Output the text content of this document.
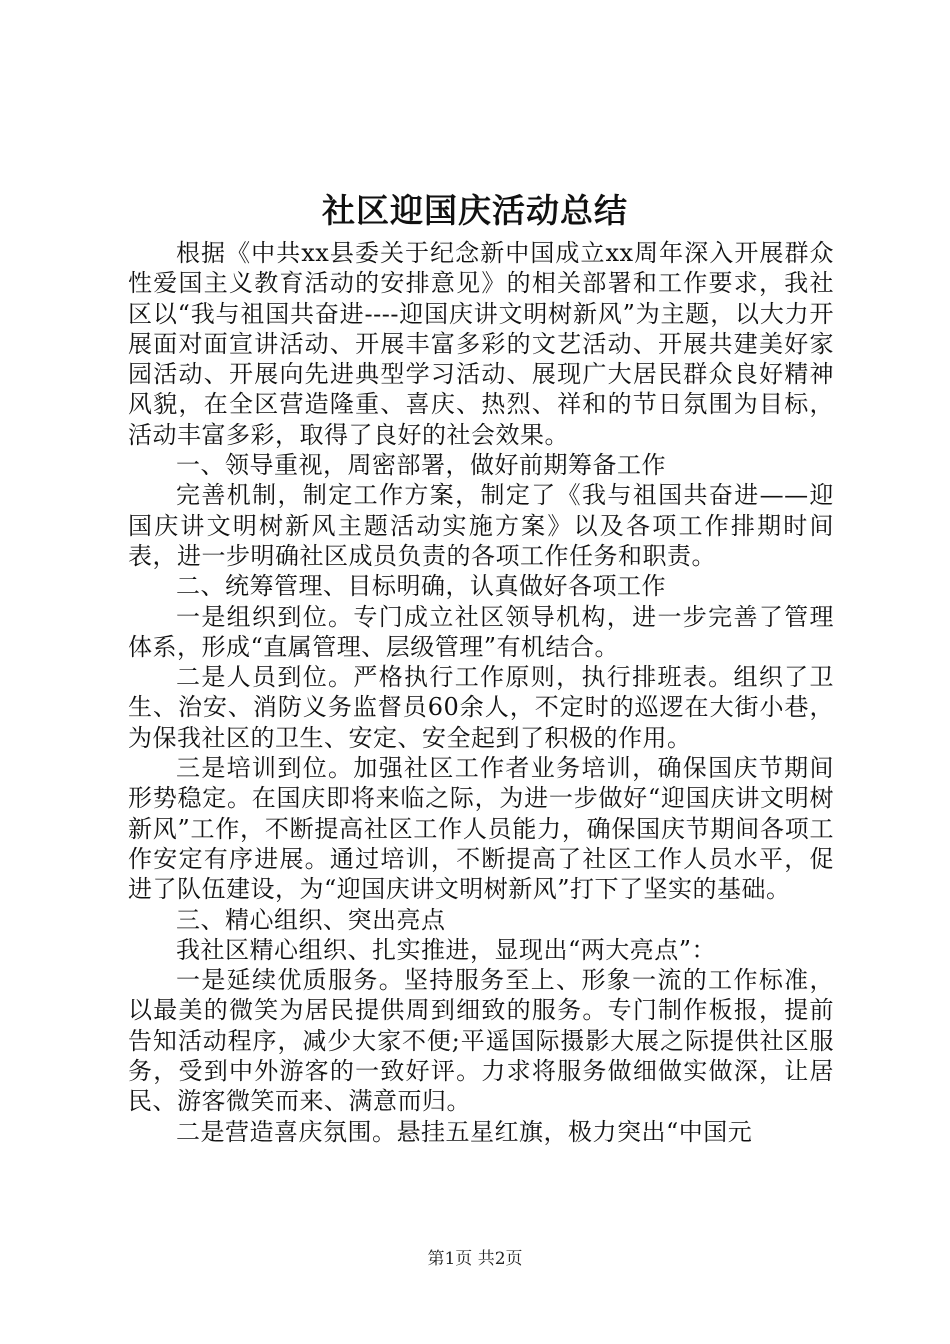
社区迎国庆活动总结

根据《中共xx县委关于纪念新中国成立xx周年深入开展群众性爱国主义教育活动的安排意见》的相关部署和工作要求，我社区以“我与祖国共奋进----迎国庆讲文明树新风”为主题，以大力开展面对面宣讲活动、开展丰富多彩的文艺活动、开展共建美好家园活动、开展向先进典型学习活动、展现广大居民群众良好精神风貌，在全区营造隆重、喜庆、热烈、祥和的节日氛围为目标，活动丰富多彩，取得了良好的社会效果。

一、领导重视，周密部署，做好前期筹备工作

完善机制，制定工作方案，制定了《我与祖国共奋进——迎国庆讲文明树新风主题活动实施方案》以及各项工作排期时间表，进一步明确社区成员负责的各项工作任务和职责。

二、统筹管理、目标明确，认真做好各项工作

一是组织到位。专门成立社区领导机构，进一步完善了管理体系，形成“直属管理、层级管理”有机结合。

二是人员到位。严格执行工作原则，执行排班表。组织了卫生、治安、消防义务监督员60余人，不定时的巡逻在大街小巷，为保我社区的卫生、安定、安全起到了积极的作用。

三是培训到位。加强社区工作者业务培训，确保国庆节期间形势稳定。在国庆即将来临之际，为进一步做好“迎国庆讲文明树新风”工作，不断提高社区工作人员能力，确保国庆节期间各项工作安定有序进展。通过培训，不断提高了社区工作人员水平，促进了队伍建设，为“迎国庆讲文明树新风”打下了坚实的基础。

三、精心组织、突出亮点

我社区精心组织、扎实推进，显现出“两大亮点”：

一是延续优质服务。坚持服务至上、形象一流的工作标准，以最美的微笑为居民提供周到细致的服务。专门制作板报，提前告知活动程序，减少大家不便;平遥国际摄影大展之际提供社区服务，受到中外游客的一致好评。力求将服务做细做实做深，让居民、游客微笑而来、满意而归。

二是营造喜庆氛围。悬挂五星红旗，极力突出“中国元

第1页 共2页
